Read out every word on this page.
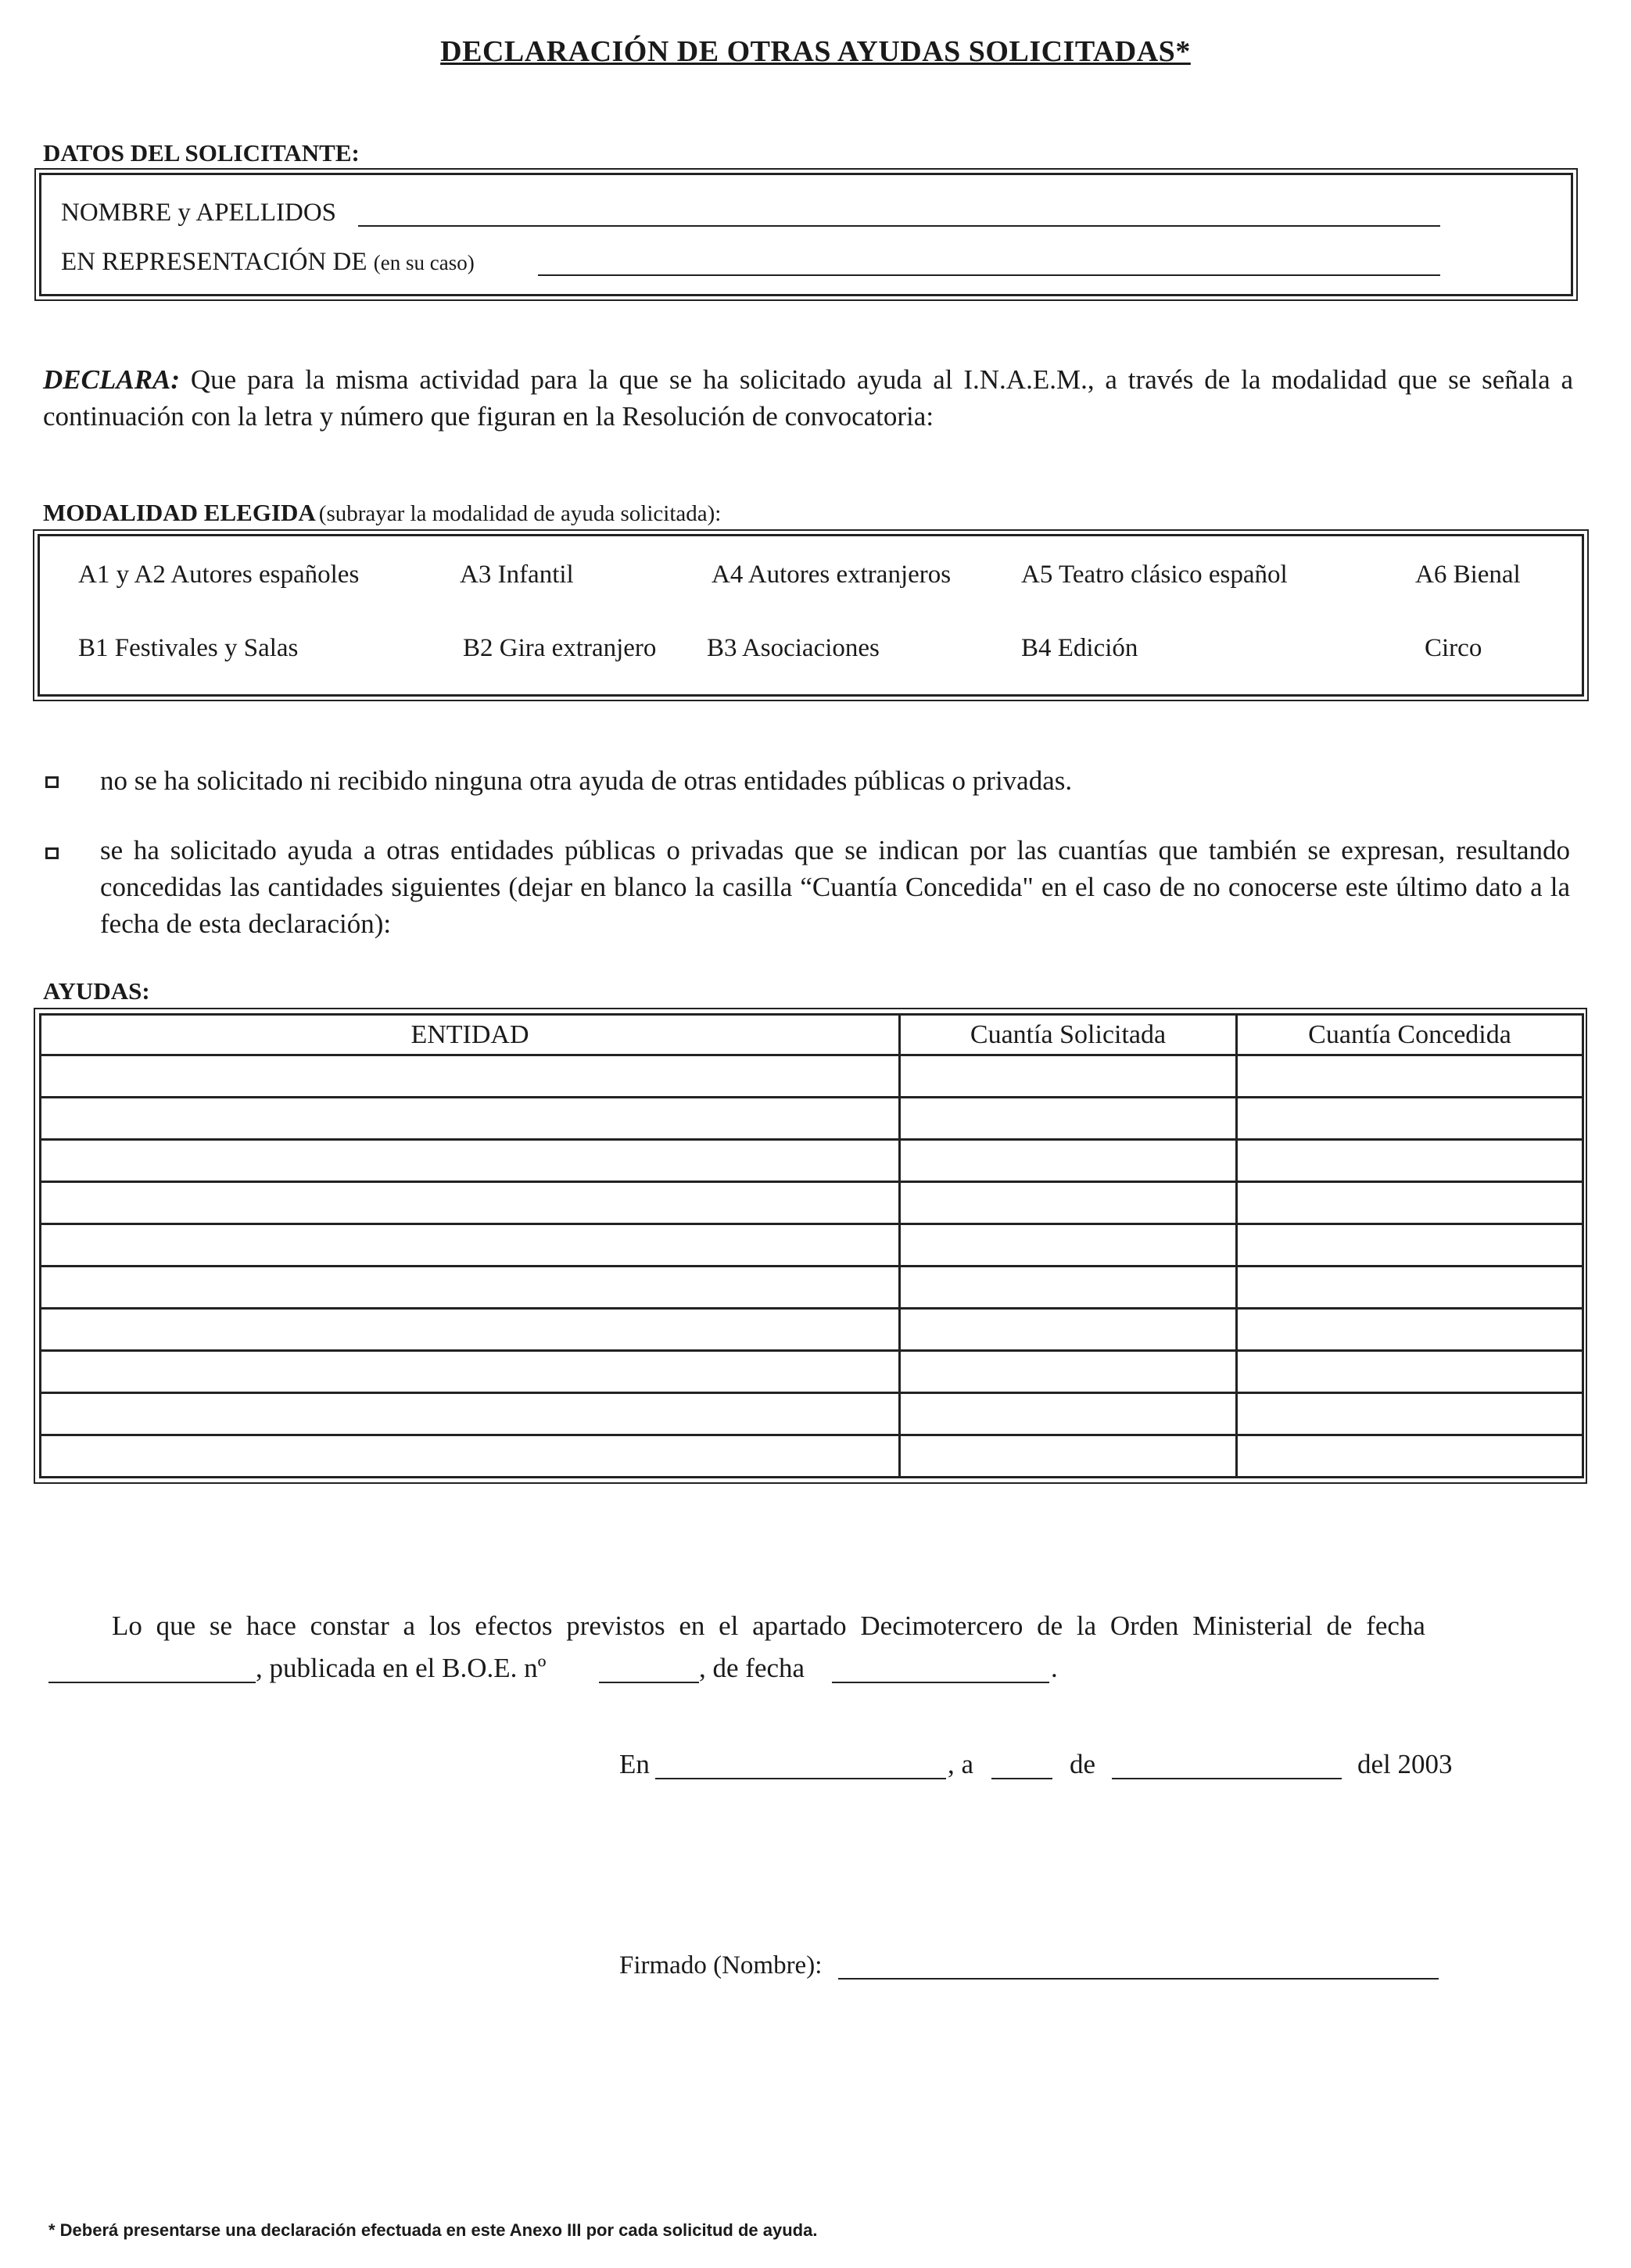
DECLARACIÓN DE OTRAS AYUDAS SOLICITADAS*
DATOS DEL SOLICITANTE:
NOMBRE y APELLIDOS
EN REPRESENTACIÓN DE (en su caso)
DECLARA: Que para la misma actividad para la que se ha solicitado ayuda al I.N.A.E.M., a través de la modalidad que se señala a continuación con la letra y número que figuran en la Resolución de convocatoria:
MODALIDAD ELEGIDA (subrayar la modalidad de ayuda solicitada):
A1 y A2 Autores españoles	A3 Infantil	A4 Autores extranjeros	A5 Teatro clásico español	A6 Bienal
B1 Festivales y Salas	B2 Gira extranjero B3 Asociaciones	B4 Edición	Circo
no se ha solicitado ni recibido ninguna otra ayuda de otras entidades públicas o privadas.
se ha solicitado ayuda a otras entidades públicas o privadas que se indican por las cuantías que también se expresan, resultando concedidas las cantidades siguientes (dejar en blanco la casilla “Cuantía Concedida" en el caso de no conocerse este último dato a la fecha de esta declaración):
AYUDAS:
ENTIDAD	Cuantía Solicitada	Cuantía Concedida

Lo que se hace constar a los efectos previstos en el apartado Decimotercero de la Orden Ministerial de fecha
, publicada en el B.O.E. nº	, de fecha	.
En	, a	de	del 2003
Firmado (Nombre):
* Deberá presentarse una declaración efectuada en este Anexo III por cada solicitud de ayuda.
